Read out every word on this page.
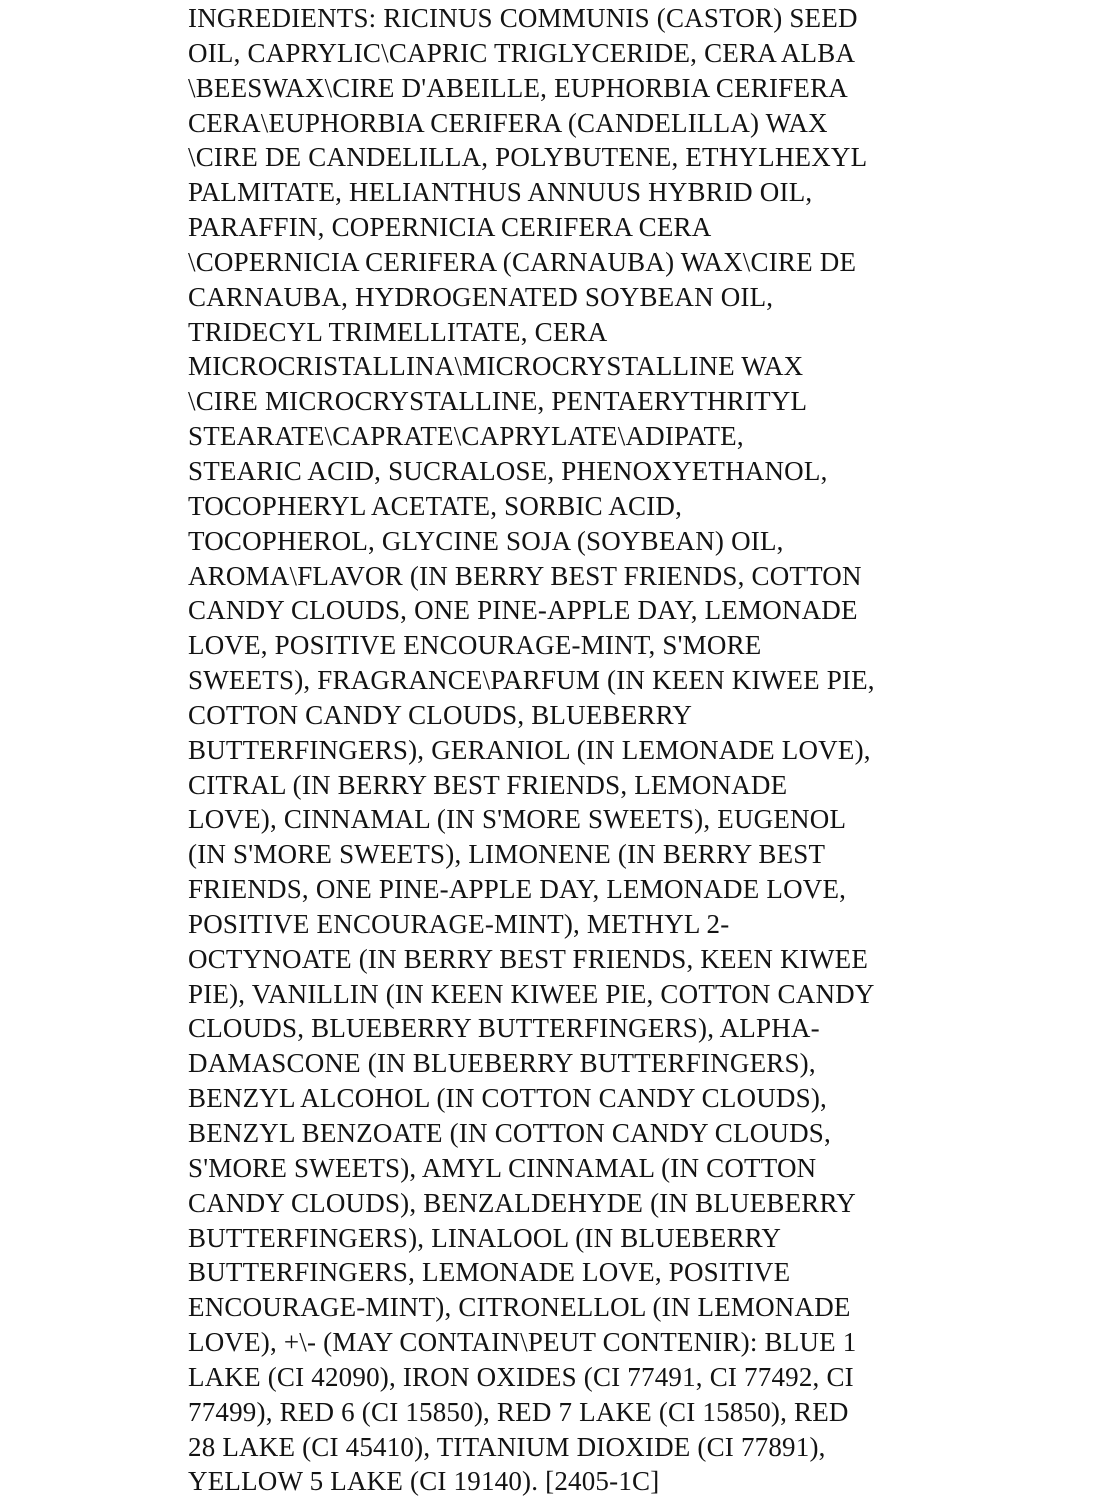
INGREDIENTS: RICINUS COMMUNIS (CASTOR) SEED
OIL, CAPRYLIC\CAPRIC TRIGLYCERIDE, CERA ALBA
\BEESWAX\CIRE D'ABEILLE, EUPHORBIA CERIFERA
CERA\EUPHORBIA CERIFERA (CANDELILLA) WAX
\CIRE DE CANDELILLA, POLYBUTENE, ETHYLHEXYL
PALMITATE, HELIANTHUS ANNUUS HYBRID OIL,
PARAFFIN, COPERNICIA CERIFERA CERA
\COPERNICIA CERIFERA (CARNAUBA) WAX\CIRE DE
CARNAUBA, HYDROGENATED SOYBEAN OIL,
TRIDECYL TRIMELLITATE, CERA
MICROCRISTALLINA\MICROCRYSTALLINE WAX
\CIRE MICROCRYSTALLINE, PENTAERYTHRITYL
STEARATE\CAPRATE\CAPRYLATE\ADIPATE,
STEARIC ACID, SUCRALOSE, PHENOXYETHANOL,
TOCOPHERYL ACETATE, SORBIC ACID,
TOCOPHEROL, GLYCINE SOJA (SOYBEAN) OIL,
AROMA\FLAVOR (IN BERRY BEST FRIENDS, COTTON
CANDY CLOUDS, ONE PINE-APPLE DAY, LEMONADE
LOVE, POSITIVE ENCOURAGE-MINT, S'MORE
SWEETS), FRAGRANCE\PARFUM (IN KEEN KIWEE PIE,
COTTON CANDY CLOUDS, BLUEBERRY
BUTTERFINGERS), GERANIOL (IN LEMONADE LOVE),
CITRAL (IN BERRY BEST FRIENDS, LEMONADE
LOVE), CINNAMAL (IN S'MORE SWEETS), EUGENOL
(IN S'MORE SWEETS), LIMONENE (IN BERRY BEST
FRIENDS, ONE PINE-APPLE DAY, LEMONADE LOVE,
POSITIVE ENCOURAGE-MINT), METHYL 2-
OCTYNOATE (IN BERRY BEST FRIENDS, KEEN KIWEE
PIE), VANILLIN (IN KEEN KIWEE PIE, COTTON CANDY
CLOUDS, BLUEBERRY BUTTERFINGERS), ALPHA-
DAMASCONE (IN BLUEBERRY BUTTERFINGERS),
BENZYL ALCOHOL (IN COTTON CANDY CLOUDS),
BENZYL BENZOATE (IN COTTON CANDY CLOUDS,
S'MORE SWEETS), AMYL CINNAMAL (IN COTTON
CANDY CLOUDS), BENZALDEHYDE (IN BLUEBERRY
BUTTERFINGERS), LINALOOL (IN BLUEBERRY
BUTTERFINGERS, LEMONADE LOVE, POSITIVE
ENCOURAGE-MINT), CITRONELLOL (IN LEMONADE
LOVE), +\- (MAY CONTAIN\PEUT CONTENIR): BLUE 1
LAKE (CI 42090), IRON OXIDES (CI 77491, CI 77492, CI
77499), RED 6 (CI 15850), RED 7 LAKE (CI 15850), RED
28 LAKE (CI 45410), TITANIUM DIOXIDE (CI 77891),
YELLOW 5 LAKE (CI 19140). [2405-1C]
